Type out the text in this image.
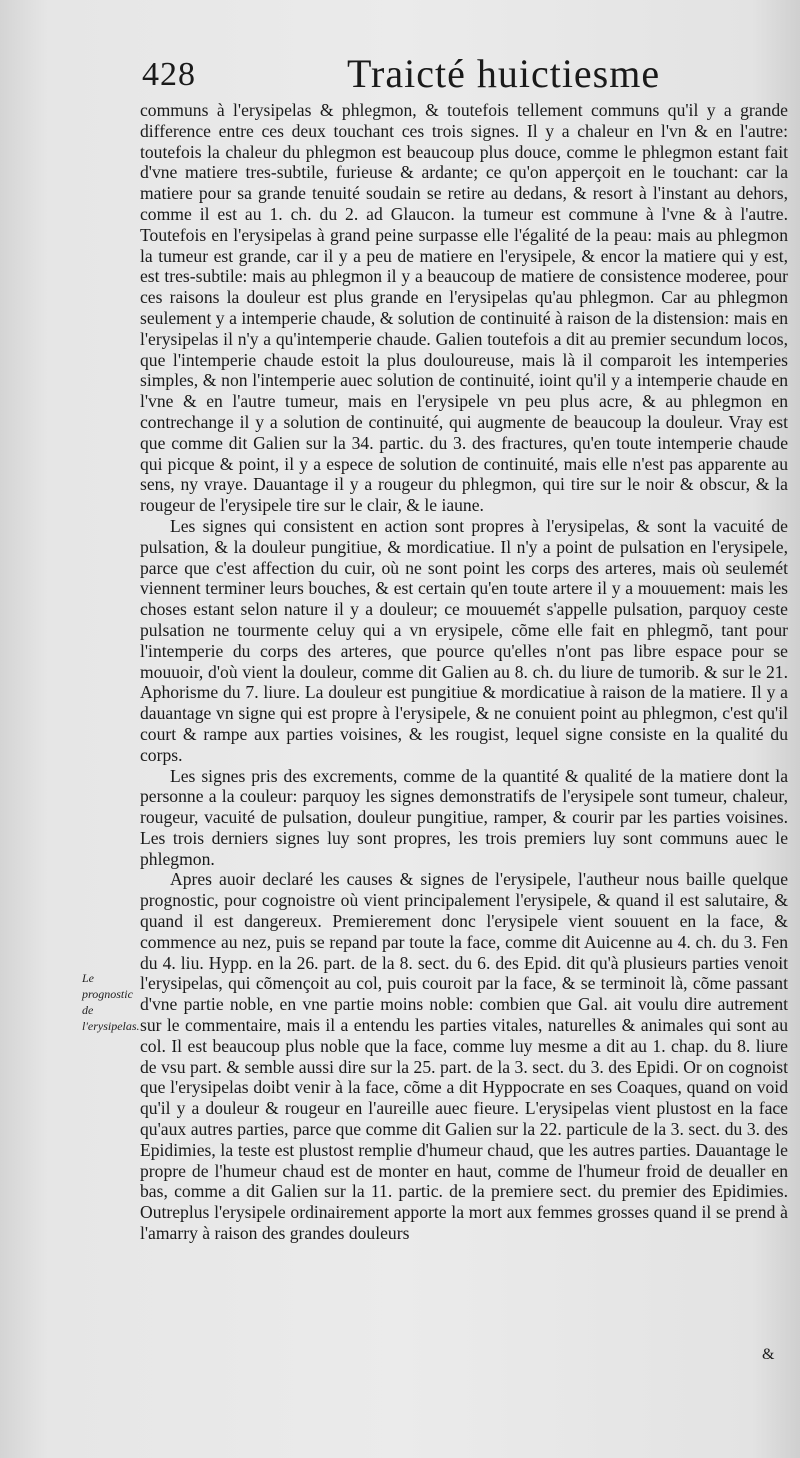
428	Traicté huictiesme
Le prognostic de l'erysipelas.

communs à l'erysipelas & phlegmon, & toutefois tellement communs qu'il y a grande difference entre ces deux touchant ces trois signes. Il y a chaleur en l'vn & en l'autre: toutefois la chaleur du phlegmon est beaucoup plus douce, comme le phlegmon estant fait d'vne matiere tres-subtile, furieuse & ardante; ce qu'on apperçoit en le touchant: car la matiere pour sa grande tenuité soudain se retire au dedans, & resort à l'instant au dehors, comme il est au 1. ch. du 2. ad Glaucon. la tumeur est commune à l'vne & à l'autre. Toutefois en l'erysipelas à grand peine surpasse elle l'égalité de la peau: mais au phlegmon la tumeur est grande, car il y a peu de matiere en l'erysipele, & encor la matiere qui y est, est tres-subtile: mais au phlegmon il y a beaucoup de matiere de consistence moderee, pour ces raisons la douleur est plus grande en l'erysipelas qu'au phlegmon. Car au phlegmon seulement y a intemperie chaude, & solution de continuité à raison de la distension: mais en l'erysipelas il n'y a qu'intemperie chaude. Galien toutefois a dit au premier secundum locos, que l'intemperie chaude estoit la plus douloureuse, mais là il comparoit les intemperies simples, & non l'intemperie auec solution de continuité, ioint qu'il y a intemperie chaude en l'vne & en l'autre tumeur, mais en l'erysipele vn peu plus acre, & au phlegmon en contrechange il y a solution de continuité, qui augmente de beaucoup la douleur. Vray est que comme dit Galien sur la 34. partic. du 3. des fractures, qu'en toute intemperie chaude qui picque & point, il y a espece de solution de continuité, mais elle n'est pas apparente au sens, ny vraye. Dauantage il y a rougeur du phlegmon, qui tire sur le noir & obscur, & la rougeur de l'erysipele tire sur le clair, & le iaune.

Les signes qui consistent en action sont propres à l'erysipelas, & sont la vacuité de pulsation, & la douleur pungitiue, & mordicatiue. Il n'y a point de pulsation en l'erysipele, parce que c'est affection du cuir, où ne sont point les corps des arteres, mais où seulemét viennent terminer leurs bouches, & est certain qu'en toute artere il y a mouuement: mais les choses estant selon nature il y a douleur; ce mouuemét s'appelle pulsation, parquoy ceste pulsation ne tourmente celuy qui a vn erysipele, cõme elle fait en phlegmõ, tant pour l'intemperie du corps des arteres, que pource qu'elles n'ont pas libre espace pour se mouuoir, d'où vient la douleur, comme dit Galien au 8. ch. du liure de tumorib. & sur le 21. Aphorisme du 7. liure. La douleur est pungitiue & mordicatiue à raison de la matiere. Il y a dauantage vn signe qui est propre à l'erysipele, & ne conuient point au phlegmon, c'est qu'il court & rampe aux parties voisines, & les rougist, lequel signe consiste en la qualité du corps.

Les signes pris des excrements, comme de la quantité & qualité de la matiere dont la personne a la couleur: parquoy les signes demonstratifs de l'erysipele sont tumeur, chaleur, rougeur, vacuité de pulsation, douleur pungitiue, ramper, & courir par les parties voisines. Les trois derniers signes luy sont propres, les trois premiers luy sont communs auec le phlegmon.

Apres auoir declaré les causes & signes de l'erysipele, l'autheur nous baille quelque prognostic, pour cognoistre où vient principalement l'erysipele, & quand il est salutaire, & quand il est dangereux. Premierement donc l'erysipele vient souuent en la face, & commence au nez, puis se repand par toute la face, comme dit Auicenne au 4. ch. du 3. Fen du 4. liu. Hypp. en la 26. part. de la 8. sect. du 6. des Epid. dit qu'à plusieurs parties venoit l'erysipelas, qui cõmençoit au col, puis couroit par la face, & se terminoit là, cõme passant d'vne partie noble, en vne partie moins noble: combien que Gal. ait voulu dire autrement sur le commentaire, mais il a entendu les parties vitales, naturelles & animales qui sont au col. Il est beaucoup plus noble que la face, comme luy mesme a dit au 1. chap. du 8. liure de vsu part. & semble aussi dire sur la 25. part. de la 3. sect. du 3. des Epidi. Or on cognoist que l'erysipelas doibt venir à la face, cõme a dit Hyppocrate en ses Coaques, quand on void qu'il y a douleur & rougeur en l'aureille auec fieure. L'erysipelas vient plustost en la face qu'aux autres parties, parce que comme dit Galien sur la 22. particule de la 3. sect. du 3. des Epidimies, la teste est plustost remplie d'humeur chaud, que les autres parties. Dauantage le propre de l'humeur chaud est de monter en haut, comme de l'humeur froid de deualler en bas, comme a dit Galien sur la 11. partic. de la premiere sect. du premier des Epidimies. Outreplus l'erysipele ordinairement apporte la mort aux femmes grosses quand il se prend à l'amarry à raison des grandes douleurs

&
